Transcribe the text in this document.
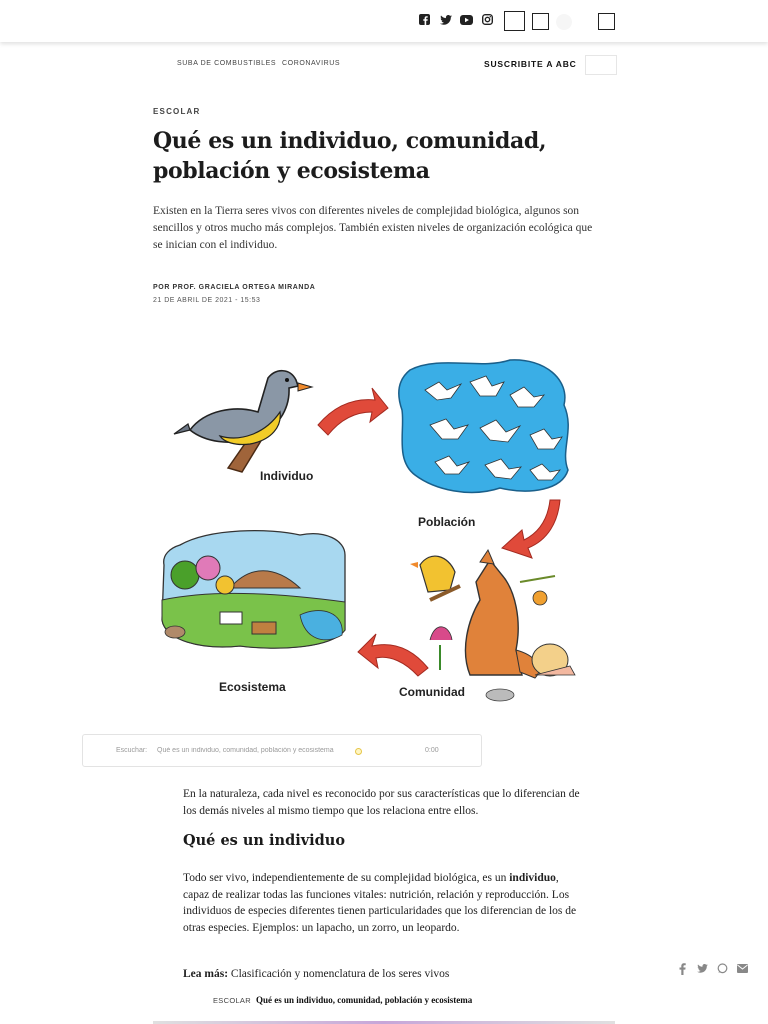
SUBA DE COMBUSTIBLES CORONAVIRUS	SUSCRIBITE A ABC
ESCOLAR
Qué es un individuo, comunidad, población y ecosistema
Existen en la Tierra seres vivos con diferentes niveles de complejidad biológica, algunos son sencillos y otros mucho más complejos. También existen niveles de organización ecológica que se inician con el individuo.
POR PROF. GRACIELA ORTEGA MIRANDA
21 DE ABRIL DE 2021 - 15:53
Individuo
Población
Comunidad
Ecosistema
Escuchar: Qué es un individuo, comunidad, población y ecosistema	0:00
En la naturaleza, cada nivel es reconocido por sus características que lo diferencian de los demás niveles al mismo tiempo que los relaciona entre ellos.
Qué es un individuo
Todo ser vivo, independientemente de su complejidad biológica, es un individuo, capaz de realizar todas las funciones vitales: nutrición, relación y reproducción. Los individuos de especies diferentes tienen particularidades que los diferencian de los de otras especies. Ejemplos: un lapacho, un zorro, un leopardo.
Lea más: Clasificación y nomenclatura de los seres vivos
ESCOLAR Qué es un individuo, comunidad, población y ecosistema
